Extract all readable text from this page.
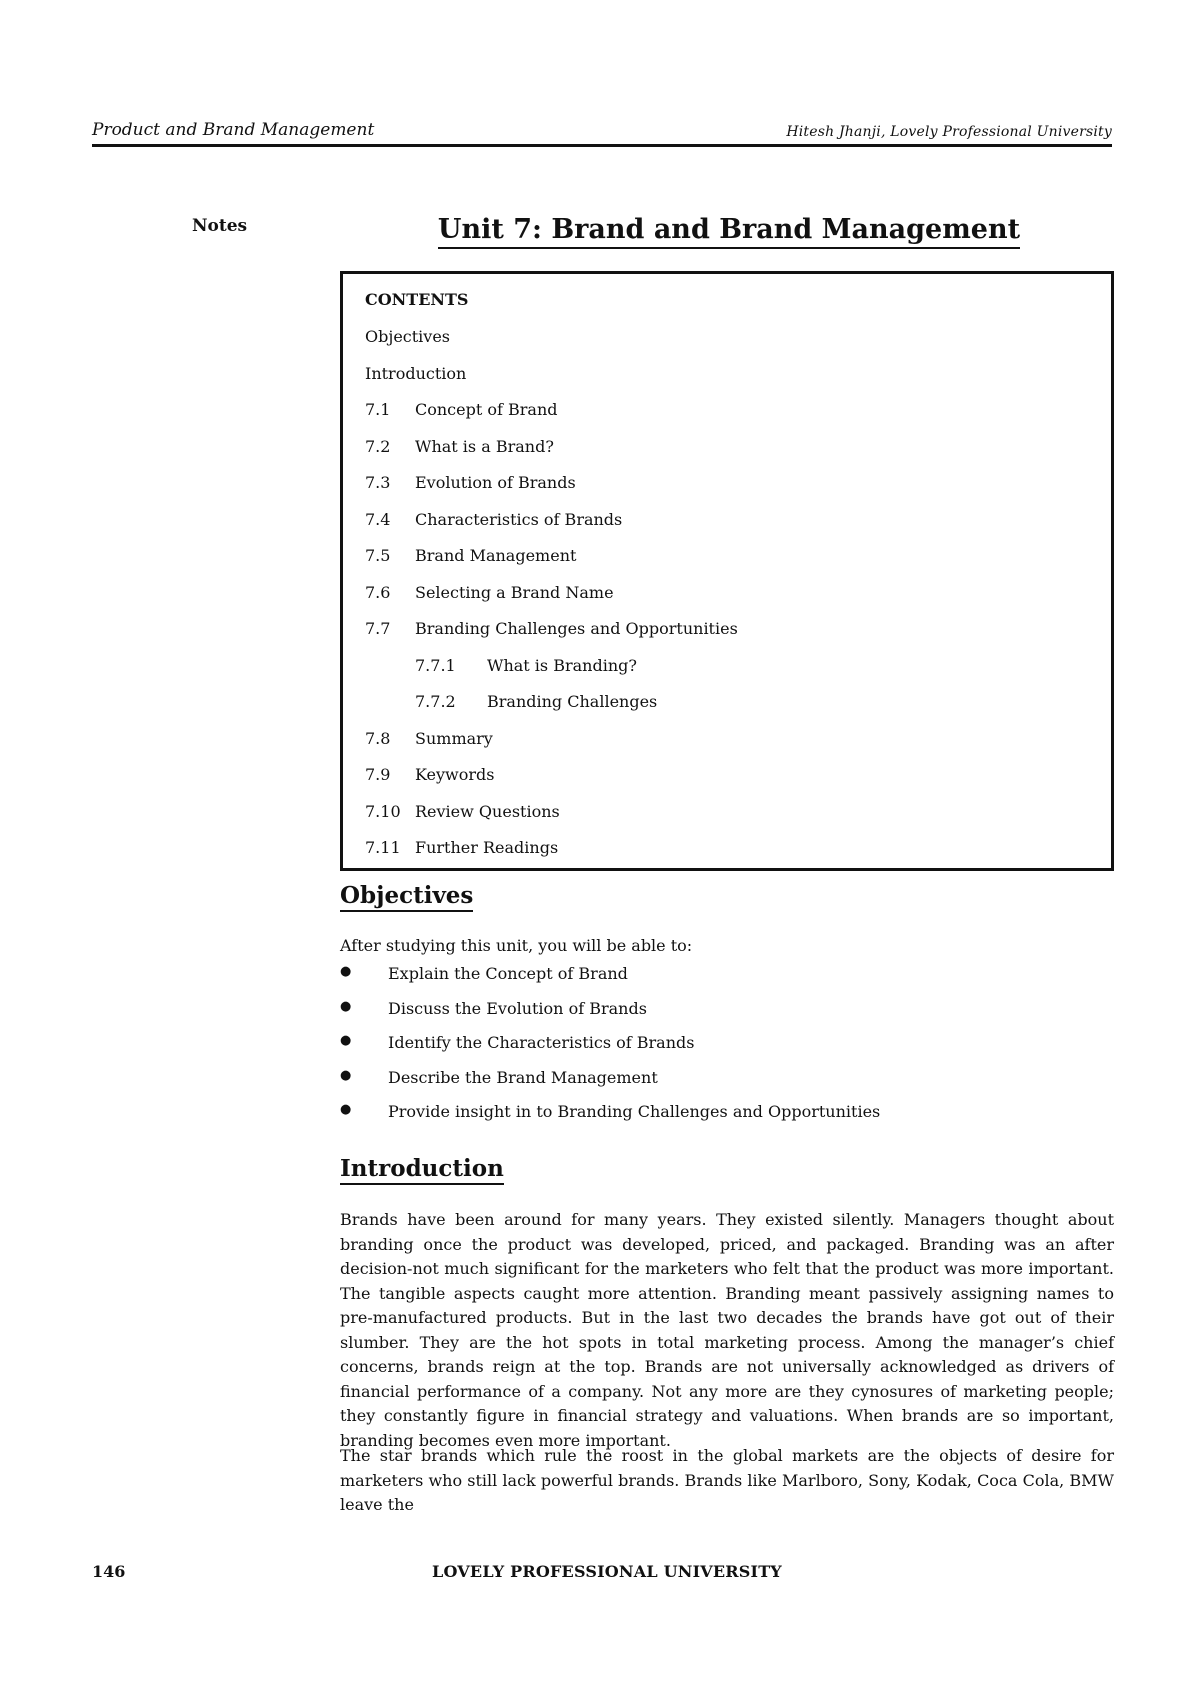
Product and Brand Management	Hitesh Jhanji, Lovely Professional University
Notes	Unit 7: Brand and Brand Management
CONTENTS
Objectives
Introduction
7.1 Concept of Brand
7.2 What is a Brand?
7.3 Evolution of Brands
7.4 Characteristics of Brands
7.5 Brand Management
7.6 Selecting a Brand Name
7.7 Branding Challenges and Opportunities
7.7.1 What is Branding?
7.7.2 Branding Challenges
7.8 Summary
7.9 Keywords
7.10 Review Questions
7.11 Further Readings
Objectives

After studying this unit, you will be able to:

● Explain the Concept of Brand
● Discuss the Evolution of Brands
● Identify the Characteristics of Brands
● Describe the Brand Management
● Provide insight in to Branding Challenges and Opportunities
Introduction

Brands have been around for many years. They existed silently. Managers thought about branding once the product was developed, priced, and packaged. Branding was an after decision-not much significant for the marketers who felt that the product was more important. The tangible aspects caught more attention. Branding meant passively assigning names to pre-manufactured products. But in the last two decades the brands have got out of their slumber. They are the hot spots in total marketing process. Among the manager’s chief concerns, brands reign at the top. Brands are not universally acknowledged as drivers of financial performance of a company. Not any more are they cynosures of marketing people; they constantly figure in financial strategy and valuations. When brands are so important, branding becomes even more important.

The star brands which rule the roost in the global markets are the objects of desire for marketers who still lack powerful brands. Brands like Marlboro, Sony, Kodak, Coca Cola, BMW leave the

146	LOVELY PROFESSIONAL UNIVERSITY
